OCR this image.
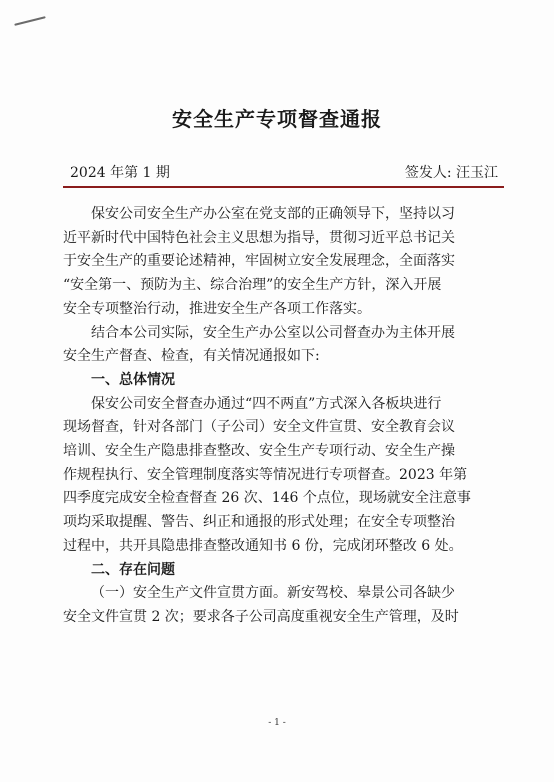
安全生产专项督查通报
2024 年第 1 期	签发人: 汪玉江
保安公司安全生产办公室在党支部的正确领导下，坚持以习
近平新时代中国特色社会主义思想为指导，贯彻习近平总书记关
于安全生产的重要论述精神，牢固树立安全发展理念，全面落实
“安全第一、预防为主、综合治理”的安全生产方针，深入开展
安全专项整治行动，推进安全生产各项工作落实。
结合本公司实际，安全生产办公室以公司督查办为主体开展
安全生产督查、检查，有关情况通报如下:
一、总体情况
保安公司安全督查办通过“四不两直”方式深入各板块进行
现场督查，针对各部门（子公司）安全文件宣贯、安全教育会议
培训、安全生产隐患排查整改、安全生产专项行动、安全生产操
作规程执行、安全管理制度落实等情况进行专项督查。2023 年第
四季度完成安全检查督查 26 次、146 个点位，现场就安全注意事
项均采取提醒、警告、纠正和通报的形式处理；在安全专项整治
过程中，共开具隐患排查整改通知书 6 份，完成闭环整改 6 处。
二、存在问题
（一）安全生产文件宣贯方面。新安驾校、皋景公司各缺少
安全文件宣贯 2 次；要求各子公司高度重视安全生产管理，及时
- 1 -
